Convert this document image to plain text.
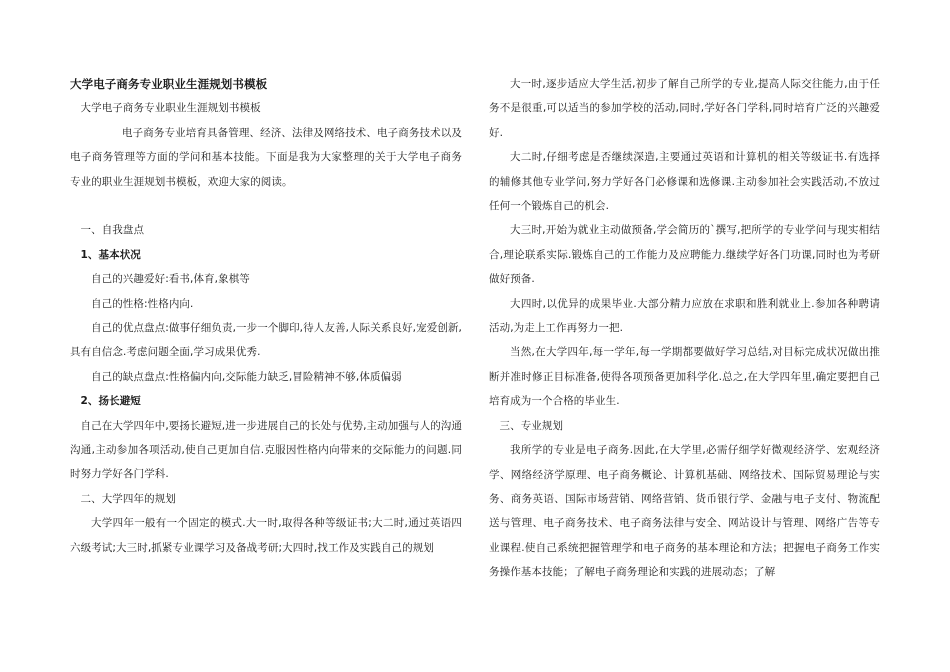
大学电子商务专业职业生涯规划书模板

大学电子商务专业职业生涯规划书模板

电子商务专业培育具备管理、经济、法律及网络技术、电子商务技术以及电子商务管理等方面的学问和基本技能。下面是我为大家整理的关于大学电子商务专业的职业生涯规划书模板，欢迎大家的阅读。

一、自我盘点

1、基本状况

自己的兴趣爱好:看书,体育,象棋等

自己的性格:性格内向.

自己的优点盘点:做事仔细负责,一步一个脚印,待人友善,人际关系良好,宠爱创新,具有自信念.考虑问题全面,学习成果优秀.

自己的缺点盘点:性格偏内向,交际能力缺乏,冒险精神不够,体质偏弱

2、扬长避短

自己在大学四年中,要扬长避短,进一步进展自己的长处与优势,主动加强与人的沟通沟通,主动参加各项活动,使自己更加自信.克服因性格内向带来的交际能力的问题.同时努力学好各门学科.

二、大学四年的规划

大学四年一般有一个固定的模式.大一时,取得各种等级证书;大二时,通过英语四六级考试;大三时,抓紧专业课学习及备战考研;大四时,找工作及实践自己的规划

大一时,逐步适应大学生活,初步了解自己所学的专业,提高人际交往能力,由于任务不是很重,可以适当的参加学校的活动,同时,学好各门学科,同时培育广泛的兴趣爱好.

大二时,仔细考虑是否继续深造,主要通过英语和计算机的相关等级证书.有选择的辅修其他专业学问,努力学好各门必修课和选修课.主动参加社会实践活动,不放过任何一个锻炼自己的机会.

大三时,开始为就业主动做预备,学会简历的`撰写,把所学的专业学问与现实相结合,理论联系实际.锻炼自己的工作能力及应聘能力.继续学好各门功课,同时也为考研做好预备.

大四时,以优异的成果毕业.大部分精力应放在求职和胜利就业上.参加各种聘请活动,为走上工作再努力一把.

当然,在大学四年,每一学年,每一学期都要做好学习总结,对目标完成状况做出推断并准时修正目标准备,使得各项预备更加科学化.总之,在大学四年里,确定要把自己培育成为一个合格的毕业生.

三、专业规划

我所学的专业是电子商务.因此,在大学里,必需仔细学好微观经济学、宏观经济学、网络经济学原理、电子商务概论、计算机基础、网络技术、国际贸易理论与实务、商务英语、国际市场营销、网络营销、货币银行学、金融与电子支付、物流配送与管理、电子商务技术、电子商务法律与安全、网站设计与管理、网络广告等专业课程.使自己系统把握管理学和电子商务的基本理论和方法；把握电子商务工作实务操作基本技能；了解电子商务理论和实践的进展动态；了解
